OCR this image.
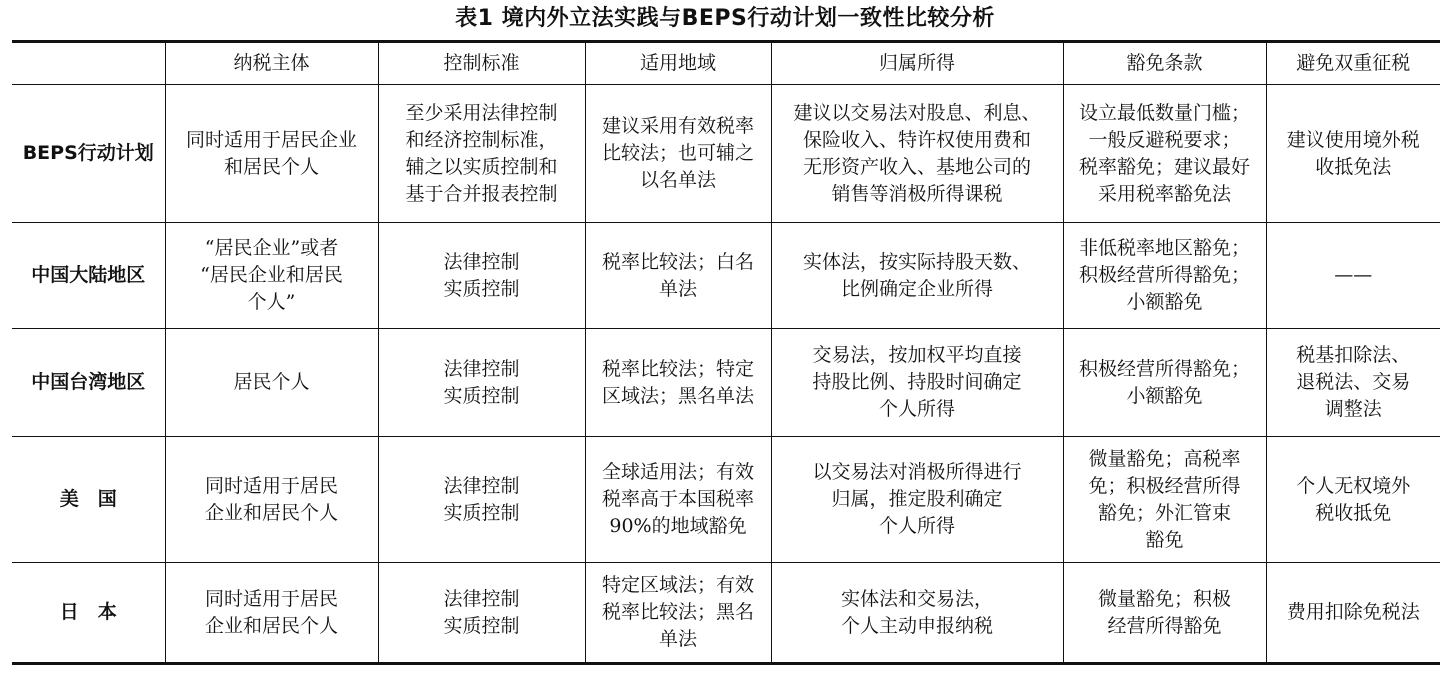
表1 境内外立法实践与BEPS行动计划一致性比较分析
	纳税主体	控制标准	适用地域	归属所得	豁免条款	避免双重征税
BEPS行动计划	同时适用于居民企业
和居民个人	至少采用法律控制
和经济控制标准，
辅之以实质控制和
基于合并报表控制	建议采用有效税率
比较法；也可辅之
以名单法	建议以交易法对股息、利息、
保险收入、特许权使用费和
无形资产收入、基地公司的
销售等消极所得课税	设立最低数量门槛；
一般反避税要求；
税率豁免；建议最好
采用税率豁免法	建议使用境外税
收抵免法

中国大陆地区	“居民企业”或者
“居民企业和居民
个人”	法律控制
实质控制	税率比较法；白名
单法	实体法，按实际持股天数、
比例确定企业所得	非低税率地区豁免；
积极经营所得豁免；
小额豁免	——

中国台湾地区	居民个人	法律控制
实质控制	税率比较法；特定
区域法；黑名单法	交易法，按加权平均直接
持股比例、持股时间确定
个人所得	积极经营所得豁免；
小额豁免	税基扣除法、
退税法、交易
调整法

美　国	同时适用于居民
企业和居民个人	法律控制
实质控制	全球适用法；有效
税率高于本国税率
90%的地域豁免	以交易法对消极所得进行
归属，推定股利确定
个人所得	微量豁免；高税率
免；积极经营所得
豁免；外汇管束
豁免	个人无权境外
税收抵免

日　本	同时适用于居民
企业和居民个人	法律控制
实质控制	特定区域法；有效
税率比较法；黑名
单法	实体法和交易法，
个人主动申报纳税	微量豁免；积极
经营所得豁免	费用扣除免税法
